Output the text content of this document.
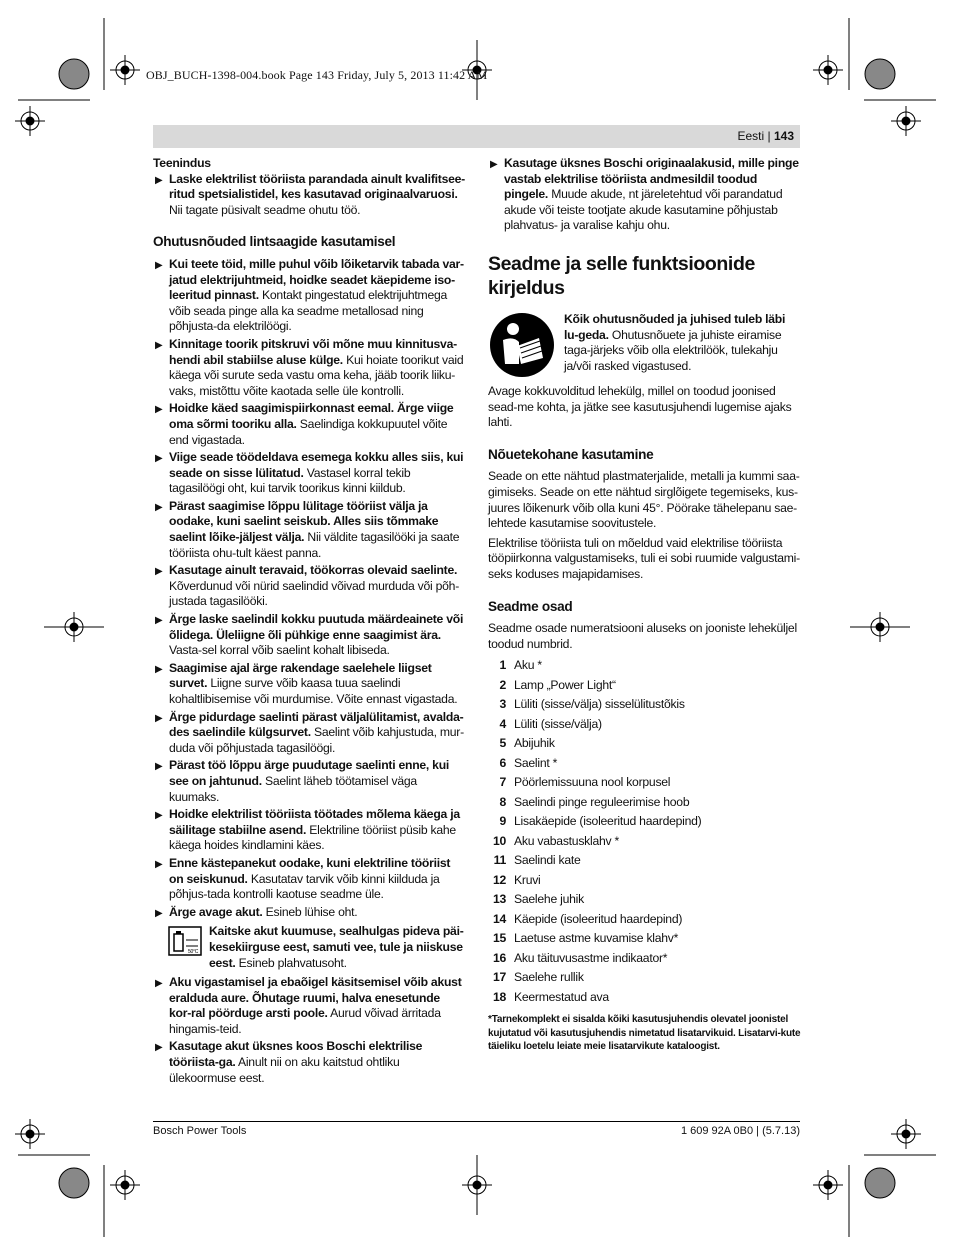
OBJ_BUCH-1398-004.book Page 143 Friday, July 5, 2013 11:42 AM
Eesti | 143

Teenindus

▶ Laske elektrilist tööriista parandada ainult kvalifitsee-ritud spetsialistidel, kes kasutavad originaalvaruosi. Nii tagate püsivalt seadme ohutu töö.

Ohutusnõuded lintsaagide kasutamisel

▶ Kui teete töid, mille puhul võib lõiketarvik tabada var-jatud elektrijuhtmeid, hoidke seadet käepideme iso-leeritud pinnast. Kontakt pingestatud elektrijuhtmega võib seada pinge alla ka seadme metallosad ning põhjusta-da elektrilöögi.
▶ Kinnitage toorik pitskruvi või mõne muu kinnitusva-hendi abil stabiilse aluse külge. Kui hoiate toorikut vaid käega või surute seda vastu oma keha, jääb toorik liiku-vaks, mistõttu võite kaotada selle üle kontrolli.
▶ Hoidke käed saagimispiirkonnast eemal. Ärge viige oma sõrmi tooriku alla. Saelindiga kokkupuutel võite end vigastada.
▶ Viige seade töödeldava esemega kokku alles siis, kui seade on sisse lülitatud. Vastasel korral tekib tagasilöögi oht, kui tarvik toorikus kinni kiildub.
▶ Pärast saagimise lõppu lülitage tööriist välja ja oodake, kuni saelint seiskub. Alles siis tõmmake saelint lõike-jäljest välja. Nii väldite tagasilööki ja saate tööriista ohu-tult käest panna.
▶ Kasutage ainult teravaid, töökorras olevaid saelinte. Kõverdunud või nürid saelindid võivad murduda või põh-justada tagasilööki.
▶ Ärge laske saelindil kokku puutuda määrdeainete või õlidega. Üleliigne õli pühkige enne saagimist ära. Vasta-sel korral võib saelint kohalt libiseda.
▶ Saagimise ajal ärge rakendage saelehele liigset survet. Liigne surve võib kaasa tuua saelindi kohaltlibisemise või murdumise. Võite ennast vigastada.
▶ Ärge pidurdage saelinti pärast väljalülitamist, avalda-des saelindile külgsurvet. Saelint võib kahjustuda, mur-duda või põhjustada tagasilöögi.
▶ Pärast töö lõppu ärge puudutage saelinti enne, kui see on jahtunud. Saelint läheb töötamisel väga kuumaks.
▶ Hoidke elektrilist tööriista töötades mõlema käega ja säilitage stabiilne asend. Elektriline tööriist püsib kahe käega hoides kindlamini käes.
▶ Enne kästepanekut oodake, kuni elektriline tööriist on seiskunud. Kasutatav tarvik võib kinni kiilduda ja põhjus-tada kontrolli kaotuse seadme üle.
▶ Ärge avage akut. Esineb lühise oht.
50°C
Kaitske akut kuumuse, sealhulgas pideva päi-kesekiirguse eest, samuti vee, tule ja niiskuse eest. Esineb plahvatusoht.
▶ Aku vigastamisel ja ebaõigel käsitsemisel võib akust eralduda aure. Õhutage ruumi, halva enesetunde kor-ral pöörduge arsti poole. Aurud võivad ärritada hingamis-teid.
▶ Kasutage akut üksnes koos Boschi elektrilise tööriista-ga. Ainult nii on aku kaitstud ohtliku ülekoormuse eest.
▶ Kasutage üksnes Boschi originaalakusid, mille pinge vastab elektrilise tööriista andmesildil toodud pingele. Muude akude, nt järeletehtud või parandatud akude või teiste tootjate akude kasutamine põhjustab plahvatus- ja varalise kahju ohu.

Seadme ja selle funktsioonide kirjeldus

Kõik ohutusnõuded ja juhised tuleb läbi lu-geda. Ohutusnõuete ja juhiste eiramise taga-järjeks võib olla elektrilöök, tulekahju ja/või rasked vigastused.

Avage kokkuvolditud lehekülg, millel on toodud joonised sead-me kohta, ja jätke see kasutusjuhendi lugemise ajaks lahti.

Nõuetekohane kasutamine

Seade on ette nähtud plastmaterjalide, metalli ja kummi saa-gimiseks. Seade on ette nähtud sirglõigete tegemiseks, kus-juures lõikenurk võib olla kuni 45°. Pöörake tähelepanu sae-lehtede kasutamise soovitustele.

Elektrilise tööriista tuli on mõeldud vaid elektrilise tööriista tööpiirkonna valgustamiseks, tuli ei sobi ruumide valgustami-seks koduses majapidamises.

Seadme osad

Seadme osade numeratsiooni aluseks on jooniste leheküljel toodud numbrid.

1 Aku *
2 Lamp „Power Light“
3 Lüliti (sisse/välja) sisselülitustõkis
4 Lüliti (sisse/välja)
5 Abijuhik
6 Saelint *
7 Pöörlemissuuna nool korpusel
8 Saelindi pinge reguleerimise hoob
9 Lisakäepide (isoleeritud haardepind)
10 Aku vabastusklahv *
11 Saelindi kate
12 Kruvi
13 Saelehe juhik
14 Käepide (isoleeritud haardepind)
15 Laetuse astme kuvamise klahv*
16 Aku täituvusastme indikaator*
17 Saelehe rullik
18 Keermestatud ava

*Tarnekomplekt ei sisalda kõiki kasutusjuhendis olevatel joonistel kujutatud või kasutusjuhendis nimetatud lisatarvikuid. Lisatarvi-kute täieliku loetelu leiate meie lisatarvikute kataloogist.

Bosch Power Tools	1 609 92A 0B0 | (5.7.13)
